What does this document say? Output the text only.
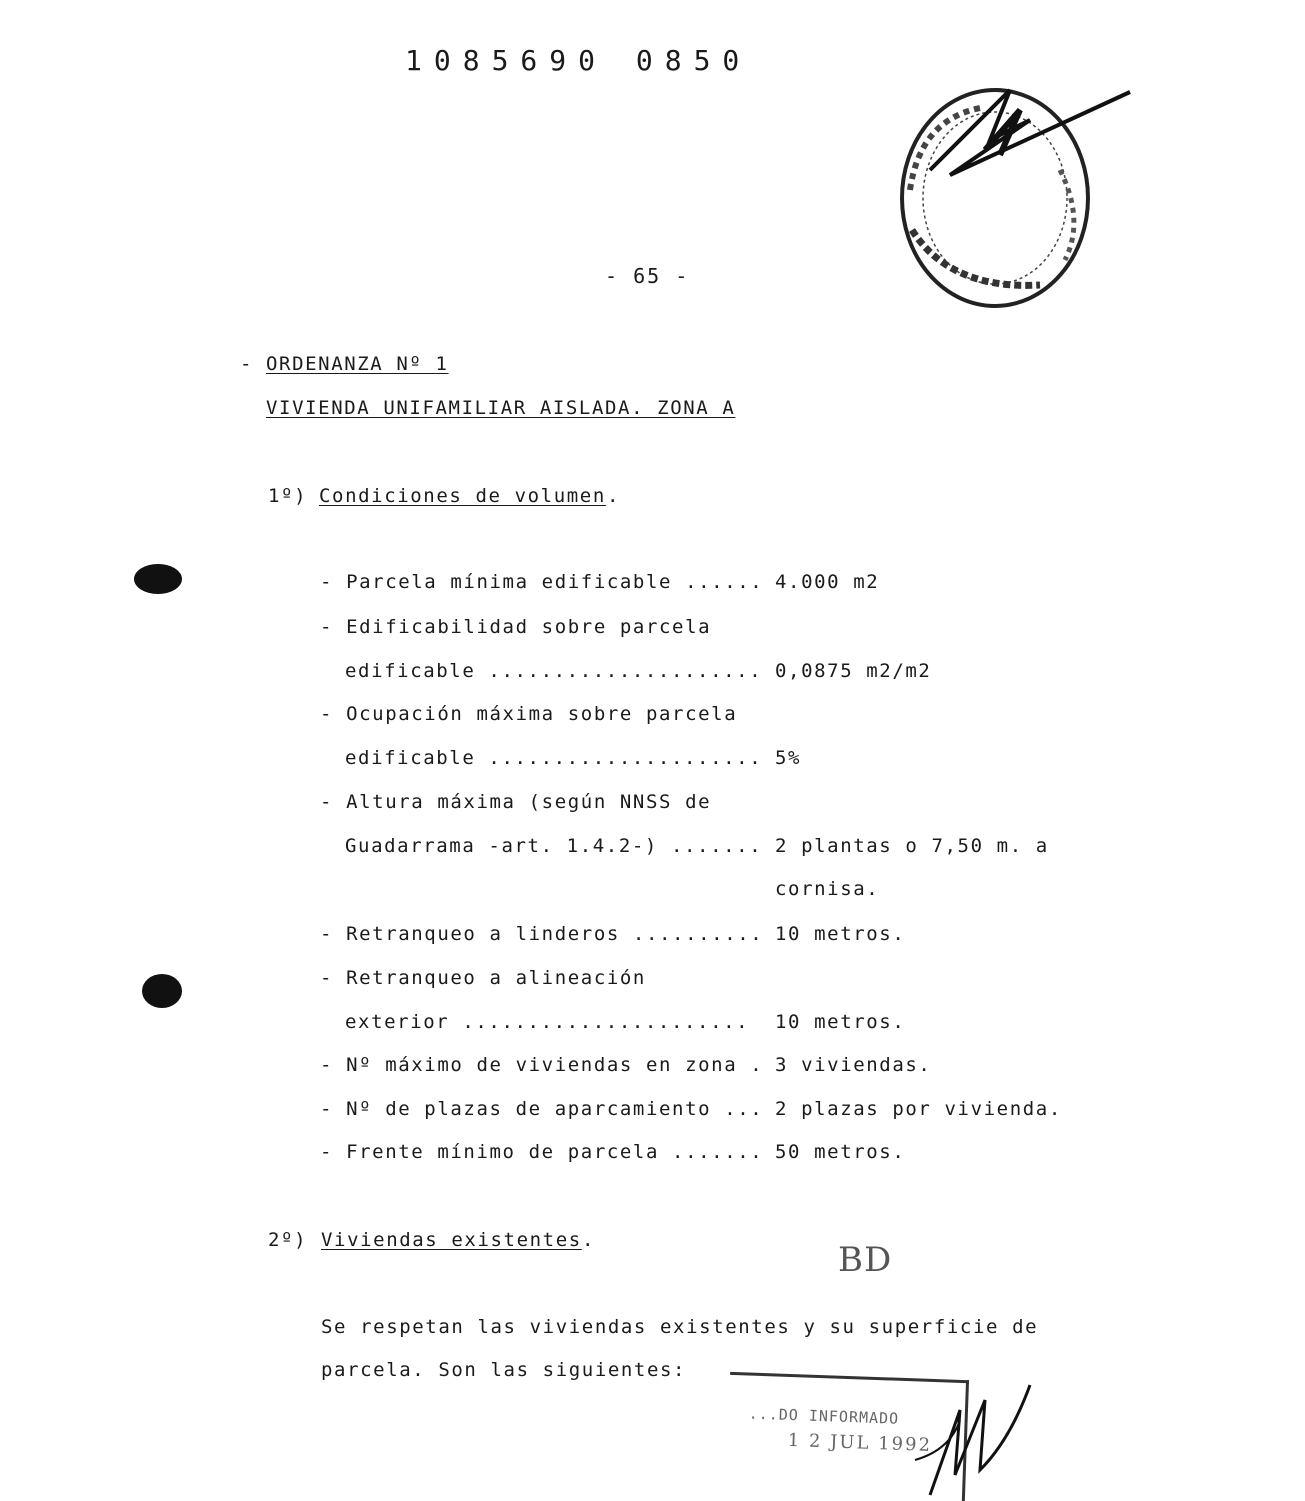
1085690 0850
- 65 -
- ORDENANZA Nº 1
VIVIENDA UNIFAMILIAR AISLADA. ZONA A
1º) Condiciones de volumen .
- Parcela mínima edificable ...... 4.000 m2
- Edificabilidad sobre parcela
edificable ..................... 0,0875 m2/m2
- Ocupación máxima sobre parcela
edificable ..................... 5%
- Altura máxima (según NNSS de
Guadarrama -art. 1.4.2-) ....... 2 plantas o 7,50 m. a
cornisa.
- Retranqueo a linderos .......... 10 metros.
- Retranqueo a alineación
exterior ...................... 10 metros.
- Nº máximo de viviendas en zona . 3 viviendas.
- Nº de plazas de aparcamiento ... 2 plazas por vivienda.
- Frente mínimo de parcela ....... 50 metros.
2º) Viviendas existentes .	BD
Se respetan las viviendas existentes y su superficie de
parcela. Son las siguientes:
...DO INFORMADO
1 2 JUL 1992
